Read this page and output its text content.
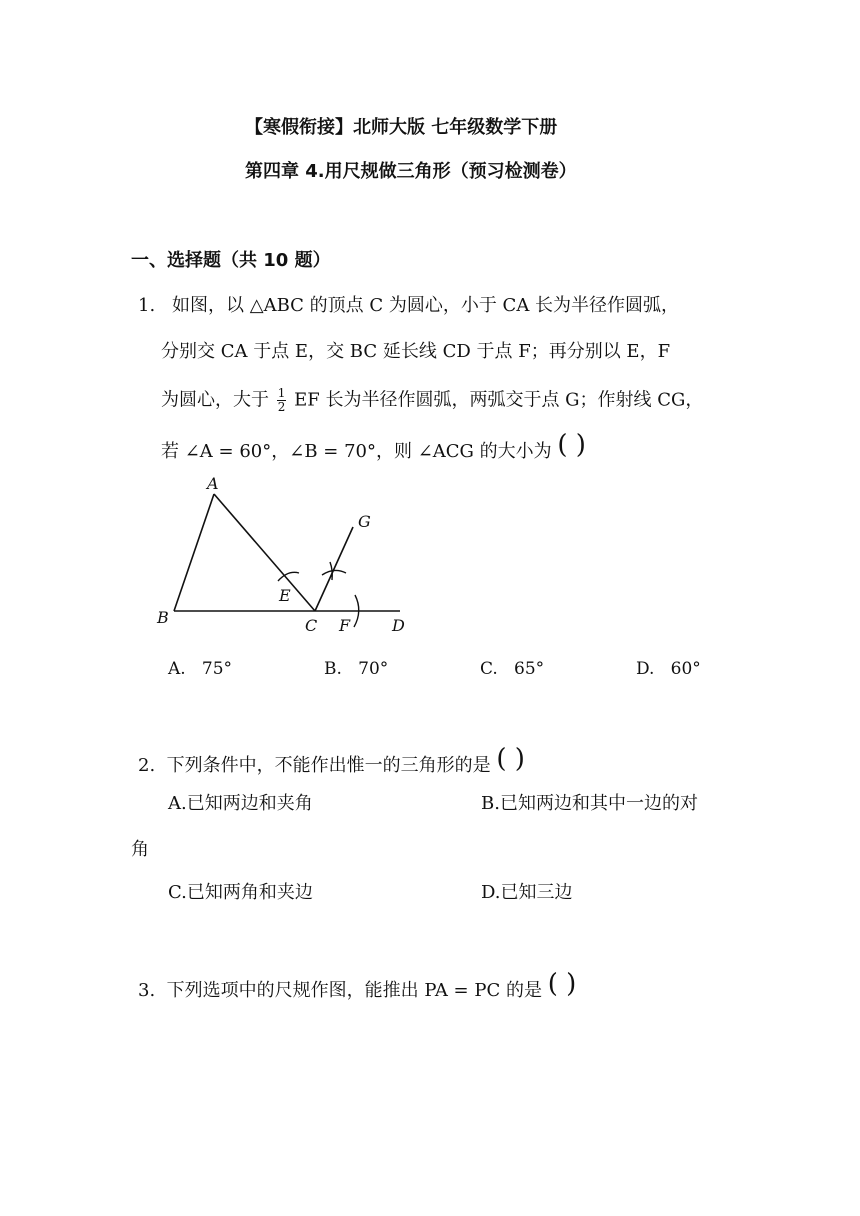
【寒假衔接】北师大版 七年级数学下册
第四章 4.用尺规做三角形（预习检测卷）
一、选择题（共 10 题）
1. 如图，以 △ABC 的顶点 C 为圆心，小于 CA 长为半径作圆弧，
分别交 CA 于点 E，交 BC 延长线 CD 于点 F；再分别以 E，F
为圆心，大于 $\frac{1}{2}$ EF 长为半径作圆弧，两弧交于点 G；作射线 CG，
若 ∠A = 60°，∠B = 70°，则 ∠ACG 的大小为 ( )
A
B	C	D
E
F
G
A. 75°	B. 70°	C. 65°	D. 60°
2. 下列条件中，不能作出惟一的三角形的是 ( )
A.已知两边和夹角	B.已知两边和其中一边的对
角
C.已知两角和夹边	D.已知三边
3. 下列选项中的尺规作图，能推出 PA = PC 的是 ( )
